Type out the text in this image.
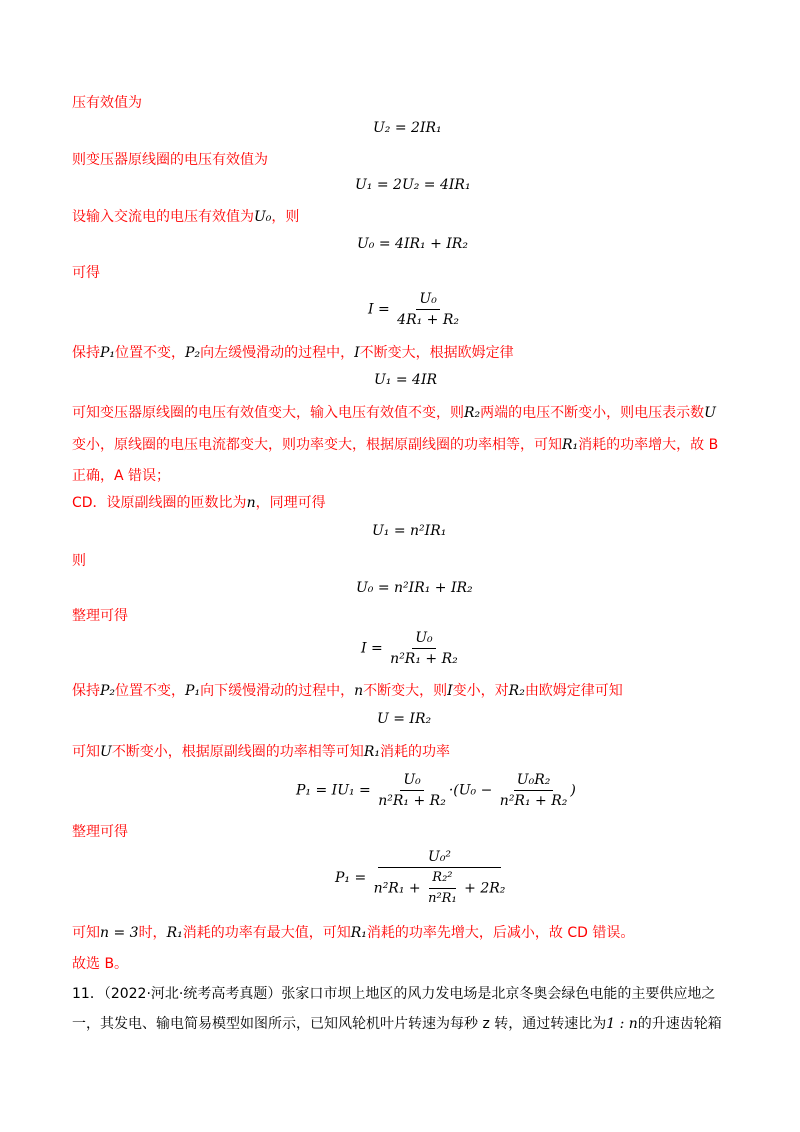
压有效值为
U₂ = 2IR₁
则变压器原线圈的电压有效值为
U₁ = 2U₂ = 4IR₁
设输入交流电的电压有效值为U₀，则
U₀ = 4IR₁ + IR₂
可得
$I = \frac{\text{U₀}}{\text{4R₁ + R₂}}$
保持P₁位置不变，P₂向左缓慢滑动的过程中，I不断变大，根据欧姆定律
U₁ = 4IR
可知变压器原线圈的电压有效值变大，输入电压有效值不变，则R₂两端的电压不断变小，则电压表示数U
变小，原线圈的电压电流都变大，则功率变大，根据原副线圈的功率相等，可知R₁消耗的功率增大，故 B
正确，A 错误；
CD．设原副线圈的匝数比为n，同理可得
U₁ = n²IR₁
则
U₀ = n²IR₁ + IR₂
整理可得
$I = \frac{\text{U₀}}{\text{n²R₁ + R₂}}$
保持P₂位置不变，P₁向下缓慢滑动的过程中，n不断变大，则I变小，对R₂由欧姆定律可知
U = IR₂
可知U不断变小，根据原副线圈的功率相等可知R₁消耗的功率
$P_1 = IU_1 = \frac{\text{U₀}}{\text{n²R₁ + R₂}} \cdot(U_0 - \frac{\text{U₀R₂}}{\text{n²R₁ + R₂}}$ )
整理可得
$P_1 = \frac{\text{U₀²}}{n^2R_1 + \frac{\text{R₂²}}{\text{n²R₁}} + 2R_2}$
可知n = 3时，R₁消耗的功率有最大值，可知R₁消耗的功率先增大，后减小，故 CD 错误。
故选 B。
11．（2022·河北·统考高考真题）张家口市坝上地区的风力发电场是北京冬奥会绿色电能的主要供应地之
一，其发电、输电简易模型如图所示，已知风轮机叶片转速为每秒 z 转，通过转速比为1 : n的升速齿轮箱
